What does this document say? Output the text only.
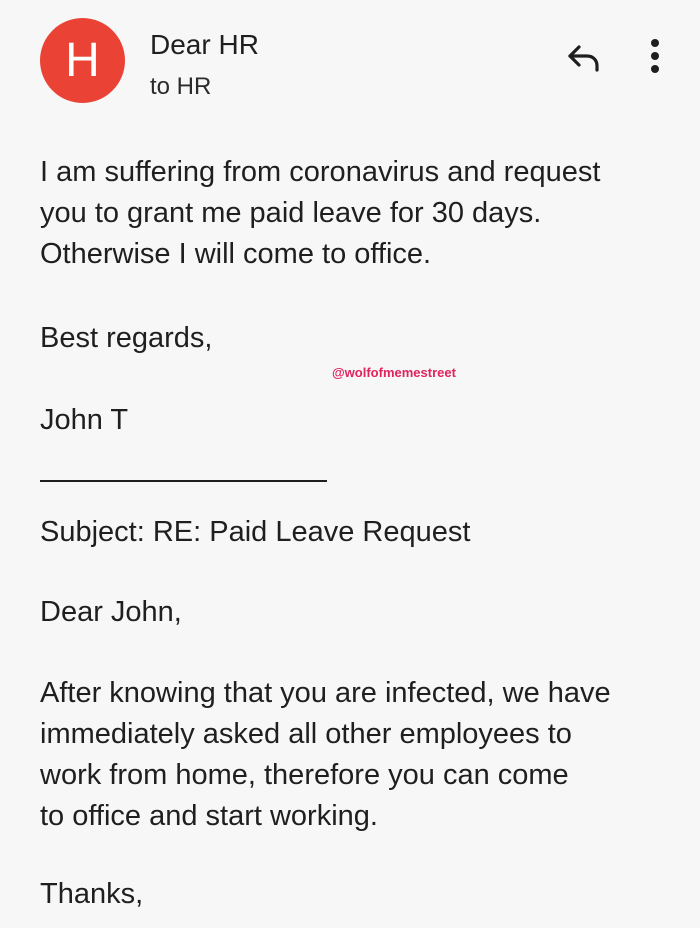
H Dear HR
to HR
I am suffering from coronavirus and request
you to grant me paid leave for 30 days.
Otherwise I will come to office.
Best regards,
@wolfofmemestreet
John T
Subject: RE: Paid Leave Request
Dear John,
After knowing that you are infected, we have
immediately asked all other employees to
work from home, therefore you can come
to office and start working.
Thanks,
